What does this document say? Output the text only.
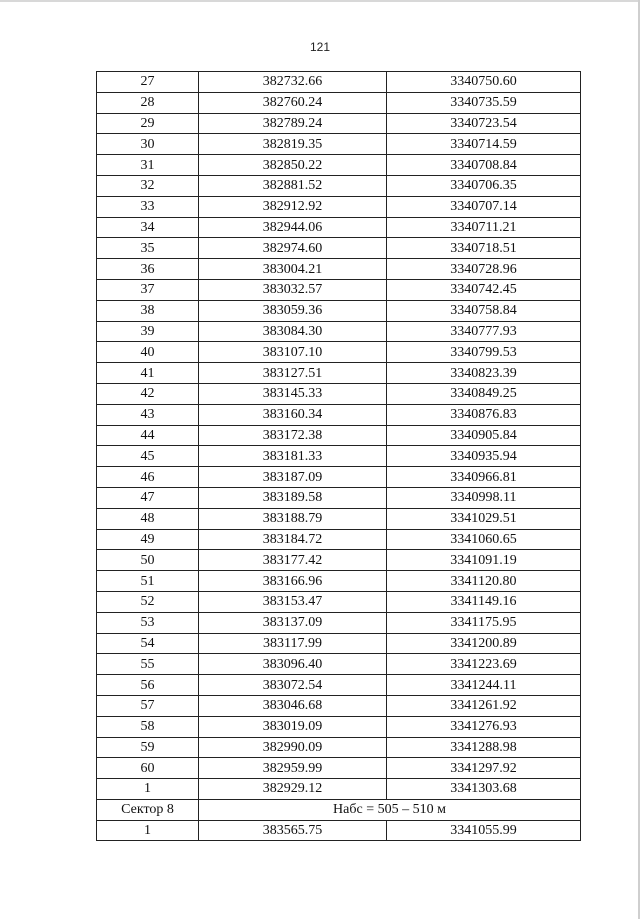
121
27	382732.66	3340750.60
28	382760.24	3340735.59
29	382789.24	3340723.54
30	382819.35	3340714.59
31	382850.22	3340708.84
32	382881.52	3340706.35
33	382912.92	3340707.14
34	382944.06	3340711.21
35	382974.60	3340718.51
36	383004.21	3340728.96
37	383032.57	3340742.45
38	383059.36	3340758.84
39	383084.30	3340777.93
40	383107.10	3340799.53
41	383127.51	3340823.39
42	383145.33	3340849.25
43	383160.34	3340876.83
44	383172.38	3340905.84
45	383181.33	3340935.94
46	383187.09	3340966.81
47	383189.58	3340998.11
48	383188.79	3341029.51
49	383184.72	3341060.65
50	383177.42	3341091.19
51	383166.96	3341120.80
52	383153.47	3341149.16
53	383137.09	3341175.95
54	383117.99	3341200.89
55	383096.40	3341223.69
56	383072.54	3341244.11
57	383046.68	3341261.92
58	383019.09	3341276.93
59	382990.09	3341288.98
60	382959.99	3341297.92
1	382929.12	3341303.68
Сектор 8	Набс = 505 – 510 м	
1	383565.75	3341055.99
